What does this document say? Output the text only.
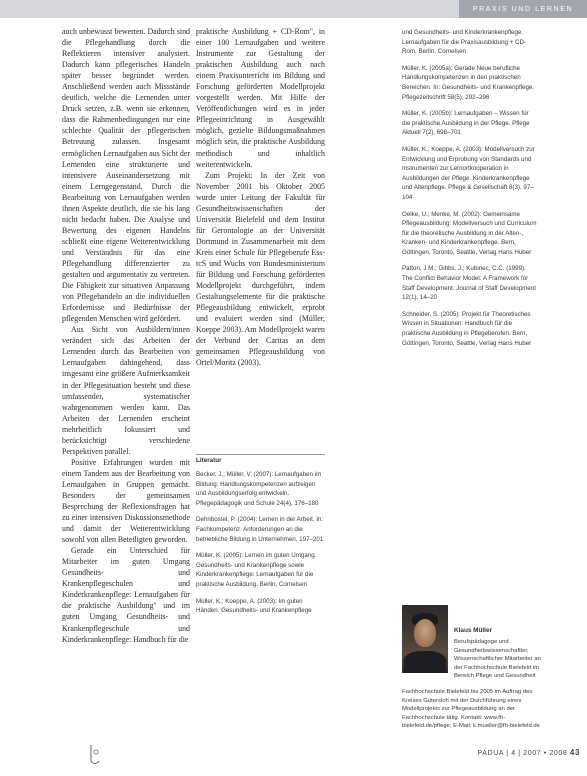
PRAXIS UND LERNEN

auch unbewusst bewerten. Dadurch sind die Pflegehandlung durch die Reflektieren intensiver analysiert. Dadurch kann pflegerisches Handeln später besser begründet werden. Anschließend werden auch Missstände deutlich, welche die Lernenden unter Druck setzen, z.B. wenn sie erkennen, dass die Rahmenbedingungen nur eine schlechte Qualität der pflegerischen Betreuung zulassen. Insgesamt ermöglichen Lernaufgaben aus Sicht der Lernenden eine strukturierte und intensivere Auseinandersetzung mit einem Lerngegenstand. Durch die Bearbeitung von Lernaufgaben werden ihnen Aspekte deutlich, die sie bis lang nicht bedacht haben. Die Analyse und Bewertung des eigenen Handelns schließt eine eigene Weiterentwicklung und Verständnis für das eine Pflegehandlung differenzierter zu gestalten und argumentativ zu vertreten. Die Fähigkeit zur situativen Anpassung von Pflegehandeln an die individuellen Erfordernisse und Bedürfnisse der pflegenden Menschen wird gefördert.

Aus Sicht von Ausbildern/innen verändert sich das Arbeiten der Lernenden durch das Bearbeiten von Lernaufgaben dahingehend, dass insgesamt eine größere Aufmerksamkeit in der Pflegesituation besteht und diese umfassender, systematischer wahrgenommen werden kann. Das Arbeiten der Lernenden erscheint mehrheitlich fokussiert und berücksichtigt verschiedene Perspektiven parallel.

Positive Erfahrungen wurden mit einem Tandem aus der Bearbeitung von Lernaufgaben in Gruppen gemacht. Besonders der gemeinsamen Besprechung der Reflexionsfragen hat zu einer intensiven Diskussionsmethode und damit der Weiterentwicklung sowohl von allen Beteiligten geworden.

Gerade ein Unterschied für Mitarbeiter im guten Umgang Gesundheits- und Krankenpflegeschulen und Kinderkrankenpflege: Lernaufgaben für die praktische Ausbildung" und im guten Umgang Gesundheits- und Krankenpflegeschule und Kinderkrankenpflege: Handbuch für die

praktische Ausbildung + CD-Rom", in einer 100 Lernaufgaben und weitere Instrumente zur Gestaltung der praktischen Ausbildung auch nach einem Praxisunterricht im Bildung und Forschung geförderten Modellprojekt vorgestellt werden. Mit Hilfe der Veröffentlichungen wird es in jeder Pflegeeinrichtung in Ausgewählt möglich, gezielte Bildungsmaßnahmen möglich sein, die praktische Ausbildung methodisch und inhaltlich weiterentwickeln.

Zum Projekt: In der Zeit von November 2001 bis Oktober 2005 wurde unter Leitung der Fakultät für Gesundheitswissenschaften der Universität Bielefeld und dem Institut für Gerontologie an der Universität Dortmund in Zusammenarbeit mit dem Kreis einer Schule für Pflegeberufe Ess-tcS und Wuchs von Bundesministerium für Bildung und Forschung geförderten Modellprojekt durchgeführt, indem Gestaltungselemente für die praktische Pflegeausbildung entwickelt, erprobt und evaluiert werden sind (Müller, Koeppe 2003). Am Modellprojekt waren der Verbund der Caritas an dem gemeinsamen Pflegeausbildung von Ortel/Moritz (2003).

Literatur

Becker, J.; Müller, V. (2007): Lernaufgaben im Bildung: Handlungskompetenzen aufzeigen und Ausbildungserfolg entwickeln. Pflegepädagogik und Schule 24(4), 176–180

Dehnbostel, P. (2004): Lernen in der Arbeit. In: Fachkompetenz. Anforderungen an die betriebliche Bildung in Unternehmen, 197–201

Müller, K. (2005): Lernen im guten Umgang. Gesundheits- und Krankenpflege sowie Kinderkrankenpflege: Lernaufgaben für die praktische Ausbildung. Berlin, Cornelsen

Müller, K.; Koeppe, A. (2003): Im guten Händen. Gesundheits- und Krankenpflege

und Gesundheits- und Kinderkrankenpflege. Lernaufgaben für die Praxisausbildung + CD-Rom. Berlin, Cornelsen

Müller, K. (2005a): Gerade Neue berufliche Handlungskompetenzen in den praktischen Bereichen. In: Gesundheits- und Krankenpflege. Pflegezeitschrift 58(5), 292–296

Müller, K. (2005b): Lernaufgaben – Wissen für die praktische Ausbildung in der Pflege. Pflege Aktuell 7(2), 698–701

Müller, K.; Koeppe, A. (2003): Modellversuch zur Entwicklung und Erprobung von Standards und Instrumenten zur Lernortkooperation in Ausbildungen der Pflege. Kinderkrankenpflege und Altenpflege. Pflege & Gesellschaft 8(3), 97–104

Oelke, U.; Menke, M. (2002): Gemeinsame Pflegeausbildung: Modellversuch und Curriculum für die theoretische Ausbildung in der Alten-, Kranken- und Kinderkrankenpflege. Bern, Göttingen, Toronto, Seattle, Verlag Hans Huber

Patton, J.M.; Gibbs, J.; Kubinec, C.C. (1999): The Conflict Behavior Model: A Framework for Staff Development. Journal of Staff Development 12(1), 14–20

Schneider, S. (2005): Projekt für Theoretisches Wissen in Situationen: Handbuch für die praktische Ausbildung in Pflegeberufen. Bern, Göttingen, Toronto, Seattle, Verlag Hans Huber

Klaus Müller
Berufspädagoge und Gesundheitswissenschaftler, Wissenschaftlicher Mitarbeiter an der Fachhochschule Bielefeld im Bereich Pflege und Gesundheit
Fachhochschule Bielefeld bis 2005 im Auftrag des Kreises Gütersloh mit der Durchführung eines Modellprojekts zur Pflegeausbildung an der Fachhochschule tätig. Kontakt: www.fh-bielefeld.de/pflege; E-Mail: k.mueller@fh-bielefeld.de
PADUA | 4 | 2007 • 2008 43
